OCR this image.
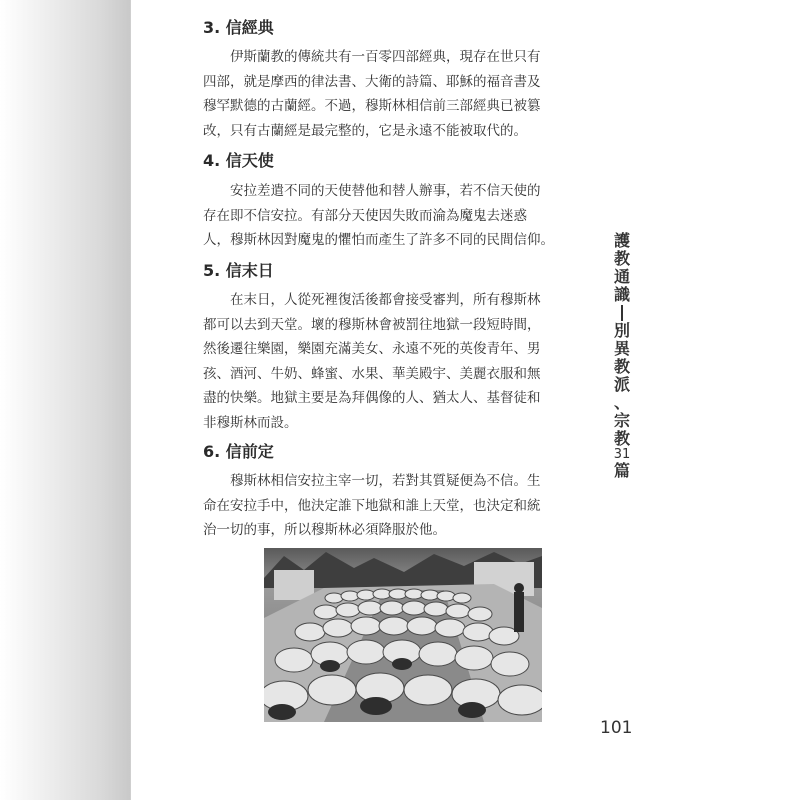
3. 信經典
伊斯蘭教的傳統共有一百零四部經典，現存在世只有
四部，就是摩西的律法書、大衛的詩篇、耶穌的福音書及
穆罕默德的古蘭經。不過，穆斯林相信前三部經典已被篡
改，只有古蘭經是最完整的，它是永遠不能被取代的。
4. 信天使
安拉差遣不同的天使替他和替人辦事，若不信天使的
存在即不信安拉。有部分天使因失敗而淪為魔鬼去迷惑
人，穆斯林因對魔鬼的懼怕而產生了許多不同的民間信仰。
5. 信末日
在末日，人從死裡復活後都會接受審判，所有穆斯林
都可以去到天堂。壞的穆斯林會被罰往地獄一段短時間，
然後遷往樂園，樂園充滿美女、永遠不死的英俊青年、男
孩、酒河、牛奶、蜂蜜、水果、華美殿宇、美麗衣服和無
盡的快樂。地獄主要是為拜偶像的人、猶太人、基督徒和
非穆斯林而設。
6. 信前定
穆斯林相信安拉主宰一切，若對其質疑便為不信。生
命在安拉手中，他決定誰下地獄和誰上天堂，也決定和統
治一切的事，所以穆斯林必須降服於他。
護
教
通
識
別
異
教
派
、
宗
教
31
篇

101
